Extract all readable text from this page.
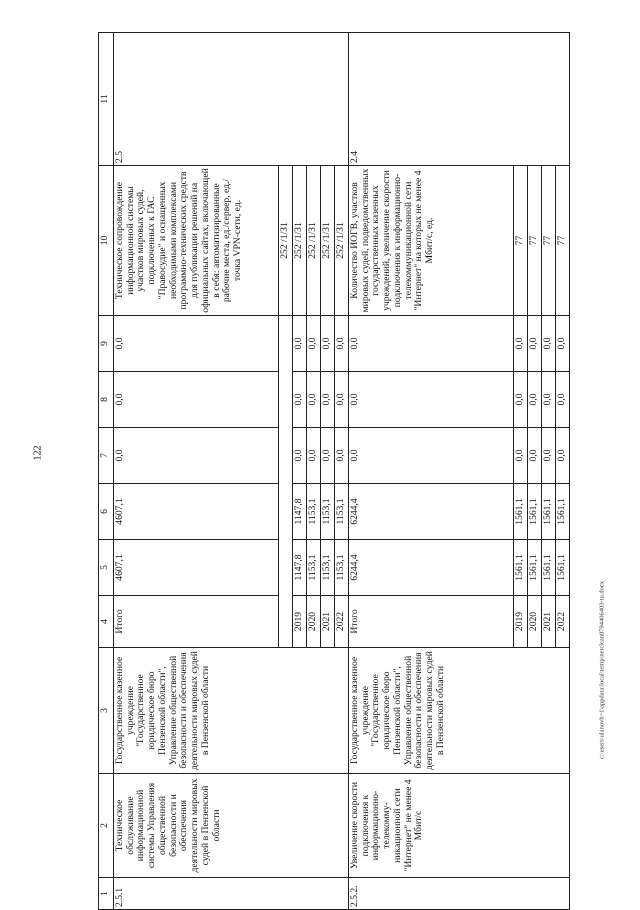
122
c:\users\ulanovh~1\appdata\local\temp\netclean8794406403-tu.docx
1	2	3	4	5	6	7	8	9	10	11
2.5.1	Техническое обслуживание информационной системы Управления общественной безопасности и обеспечения деятельности мировых судей в Пензенской области	Государственное казенное учреждение "Государственное юридическое бюро Пензенской области", Управление общественной безопасности и обеспечения деятельности мировых судей в Пензенской области	Итого	4607,1	4607,1	0,0	0,0	0,0	Техническое сопровождение информационной системы участков мировых судей, подключенных к ГАС "Правосудие" и оснащенных необходимыми комплексами программно-технических средств для публикации решений на официальных сайтах, включающей в себя: автоматизированные рабочие места, ед./сервер, ед./ точка VPN-сети, ед.	2.5
									252 /1/31	
			2019	1147,8	1147,8	0,0	0,0	0,0	252 /1/31	
			2020	1153,1	1153,1	0,0	0,0	0,0	252 /1/31	
			2021	1153,1	1153,1	0,0	0,0	0,0	252 /1/31	
			2022	1153,1	1153,1	0,0	0,0	0,0	252 /1/31	
2.5.2.	Увеличение скорости подключения к информационно-телекомму-никационной сети "Интернет" не менее 4 Мбит/с	Государственное казенное учреждение "Государственное юридическое бюро Пензенской области", Управление общественной безопасности и обеспечения деятельности мировых судей в Пензенской области	Итого	6244,4	6244,4	0,0	0,0	0,0	Количество ИОГВ, участков мировых судей, подведомственных государственных казенных учреждений, увеличение скорости подключения к информационно-телекоммуникационной сети "Интернет" на которых не менее 4 Мбит/с, ед.	2.4
			2019	1561,1	1561,1	0,0	0,0	0,0	77	
			2020	1561,1	1561,1	0,0	0,0	0,0	77	
			2021	1561,1	1561,1	0,0	0,0	0,0	77	
			2022	1561,1	1561,1	0,0	0,0	0,0	77	
